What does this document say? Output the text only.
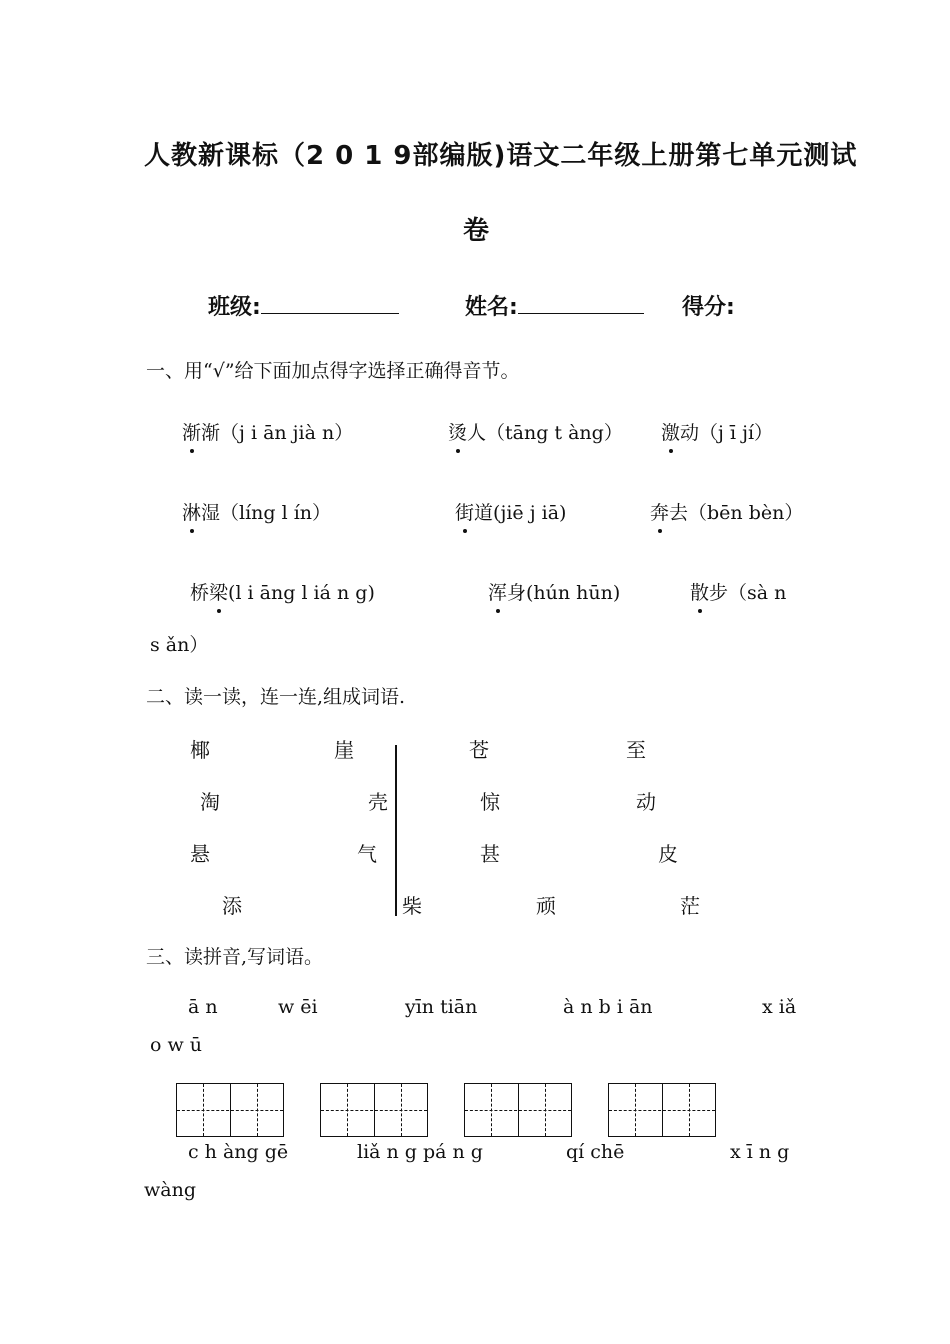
人教新课标（2 0 1 9部编版)语文二年级上册第七单元测试
卷
班级:	姓名:	得分:
一、用“√”给下面加点得字选择正确得音节。
渐渐（j i ān jià n）	烫人（tāng t àng） 激动（j ī jí）
淋湿（líng l ín）	街道(jiē j iā)	奔去（bēn bèn）
桥梁(l i āng l iá n g)	浑身(hún hūn)	散步（sà n
s ǎn）
二、读一读，连一连,组成词语.
椰	崖	苍	至
淘	壳	惊	动
悬	气	甚	皮
添	柴	顽	茫
三、读拼音,写词语。
ā n	w ēi	yīn tiān	à n b i ān	x iǎ
o w ū
c h àng gē	liǎ n g pá n g	qí chē	x ī n g
wàng
